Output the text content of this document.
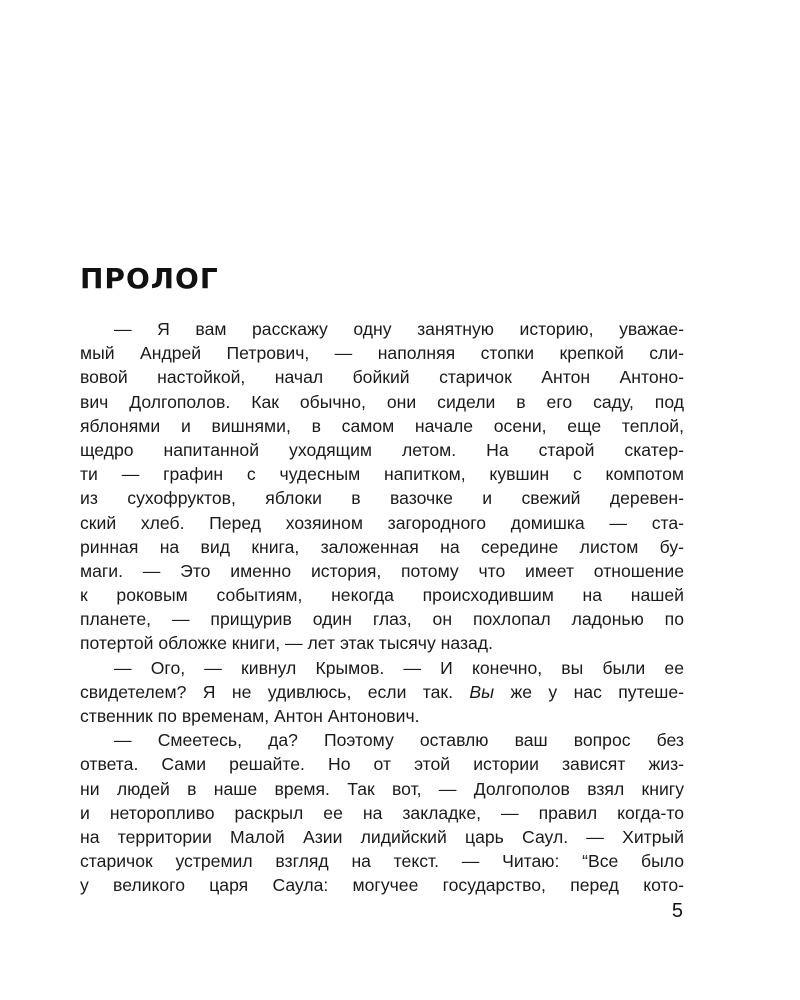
ПРОЛОГ
— Я вам расскажу одну занятную историю, уважае-
мый Андрей Петрович, — наполняя стопки крепкой сли-
вовой настойкой, начал бойкий старичок Антон Антоно-
вич Долгополов. Как обычно, они сидели в его саду, под
яблонями и вишнями, в самом начале осени, еще теплой,
щедро напитанной уходящим летом. На старой скатер-
ти — графин с чудесным напитком, кувшин с компотом
из сухофруктов, яблоки в вазочке и свежий деревен-
ский хлеб. Перед хозяином загородного домишка — ста-
ринная на вид книга, заложенная на середине листом бу-
маги. — Это именно история, потому что имеет отношение
к роковым событиям, некогда происходившим на нашей
планете, — прищурив один глаз, он похлопал ладонью по
потертой обложке книги, — лет этак тысячу назад.
— Ого, — кивнул Крымов. — И конечно, вы были ее
свидетелем? Я не удивлюсь, если так. Вы же у нас путеше-
ственник по временам, Антон Антонович.
— Смеетесь, да? Поэтому оставлю ваш вопрос без
ответа. Сами решайте. Но от этой истории зависят жиз-
ни людей в наше время. Так вот, — Долгополов взял книгу
и неторопливо раскрыл ее на закладке, — правил когда-то
на территории Малой Азии лидийский царь Саул. — Хитрый
старичок устремил взгляд на текст. — Читаю: “Все было
у великого царя Саула: могучее государство, перед кото-
5
